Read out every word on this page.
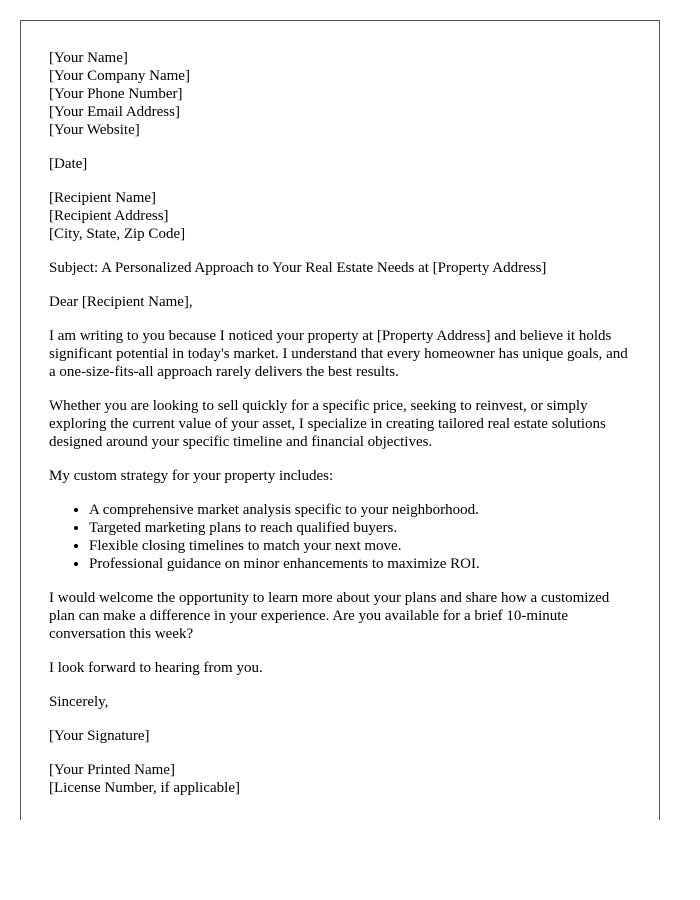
[Your Name]
[Your Company Name]
[Your Phone Number]
[Your Email Address]
[Your Website]
[Date]
[Recipient Name]
[Recipient Address]
[City, State, Zip Code]

Subject: A Personalized Approach to Your Real Estate Needs at [Property Address]

Dear [Recipient Name],

I am writing to you because I noticed your property at [Property Address] and believe it holds significant potential in today's market. I understand that every homeowner has unique goals, and a one-size-fits-all approach rarely delivers the best results.

Whether you are looking to sell quickly for a specific price, seeking to reinvest, or simply exploring the current value of your asset, I specialize in creating tailored real estate solutions designed around your specific timeline and financial objectives.

My custom strategy for your property includes:

• A comprehensive market analysis specific to your neighborhood.
• Targeted marketing plans to reach qualified buyers.
• Flexible closing timelines to match your next move.
• Professional guidance on minor enhancements to maximize ROI.

I would welcome the opportunity to learn more about your plans and share how a customized plan can make a difference in your experience. Are you available for a brief 10-minute conversation this week?

I look forward to hearing from you.

Sincerely,

[Your Signature]

[Your Printed Name]
[License Number, if applicable]
